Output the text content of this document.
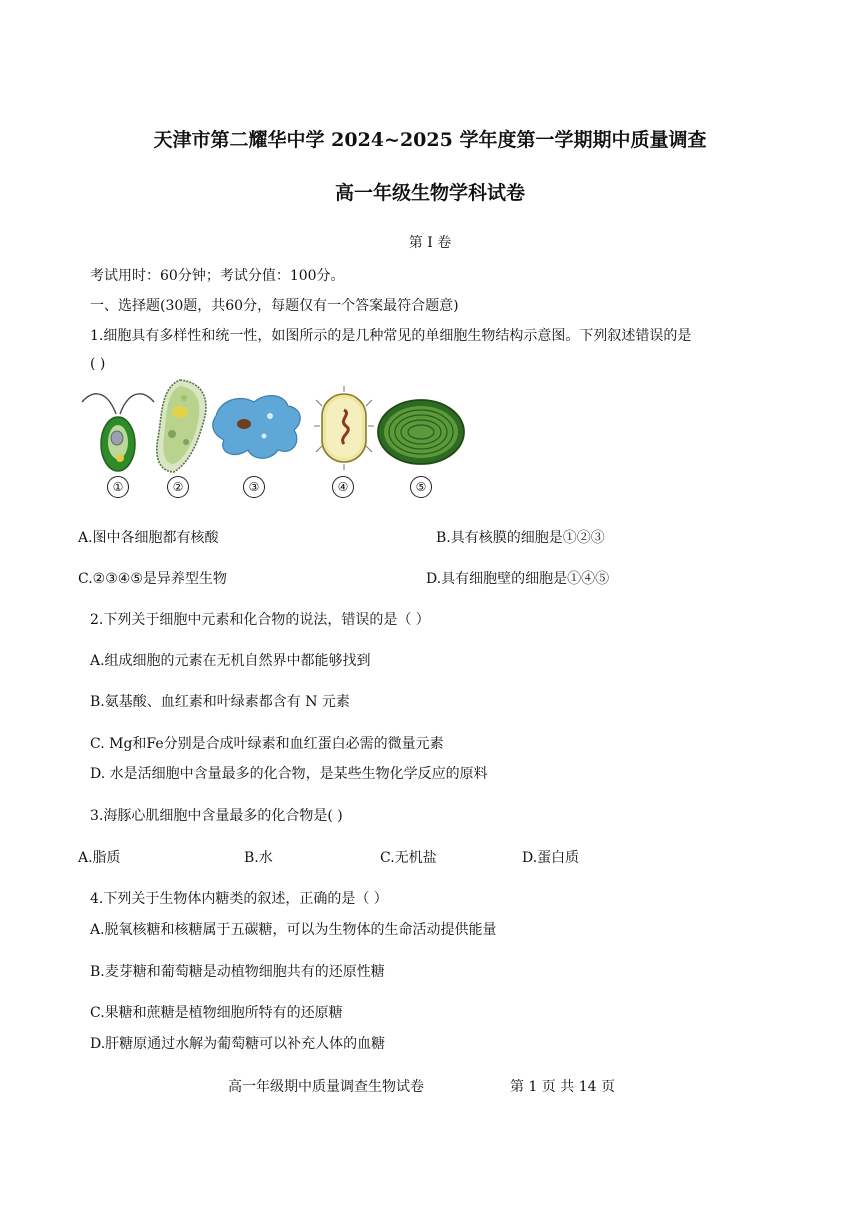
天津市第二耀华中学 2024~2025 学年度第一学期期中质量调查
高一年级生物学科试卷
第 I 卷
考试用时：60分钟；考试分值：100分。
一、选择题(30题，共60分，每题仅有一个答案最符合题意)
1.细胞具有多样性和统一性，如图所示的是几种常见的单细胞生物结构示意图。下列叙述错误的是
( )
①	②	③	④	⑤
A.图中各细胞都有核酸	B.具有核膜的细胞是①②③
C.②③④⑤是异养型生物	D.具有细胞壁的细胞是①④⑤
2.下列关于细胞中元素和化合物的说法，错误的是（ ）
A.组成细胞的元素在无机自然界中都能够找到
B.氨基酸、血红素和叶绿素都含有 N 元素
C. Mg和Fe分别是合成叶绿素和血红蛋白必需的微量元素
D. 水是活细胞中含量最多的化合物，是某些生物化学反应的原料
3.海豚心肌细胞中含量最多的化合物是( )
A.脂质	B.水	C.无机盐	D.蛋白质
4.下列关于生物体内糖类的叙述，正确的是（ ）
A.脱氧核糖和核糖属于五碳糖，可以为生物体的生命活动提供能量
B.麦芽糖和葡萄糖是动植物细胞共有的还原性糖
C.果糖和蔗糖是植物细胞所特有的还原糖
D.肝糖原通过水解为葡萄糖可以补充人体的血糖
高一年级期中质量调查生物试卷	第 1 页 共 14 页
